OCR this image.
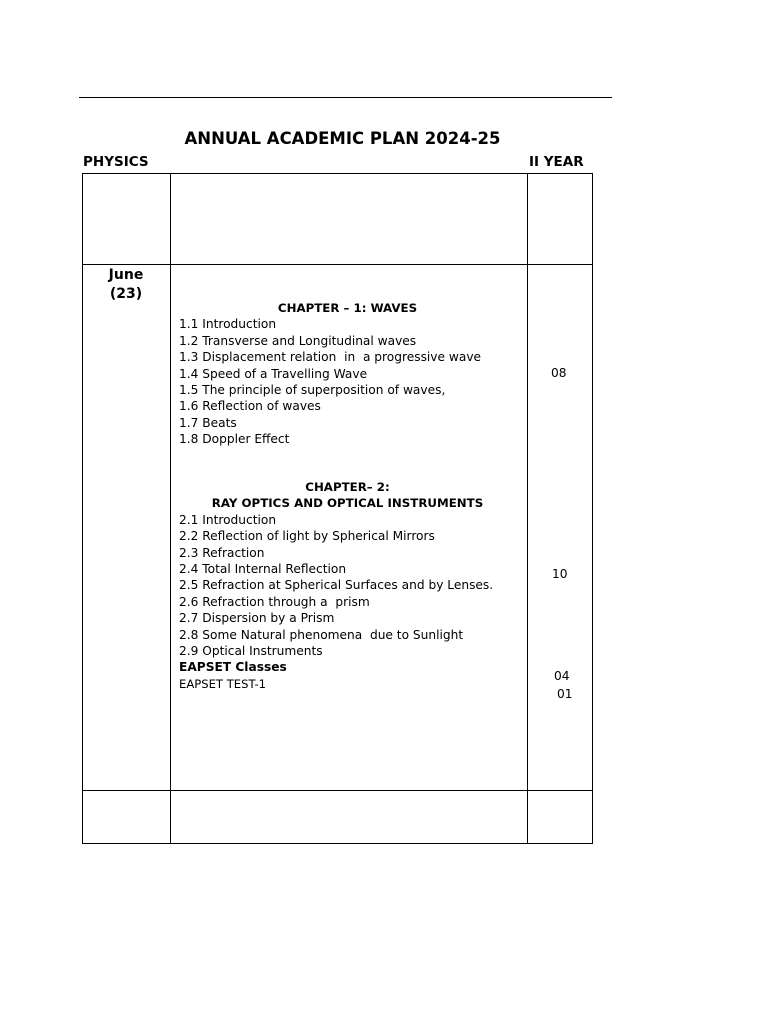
ANNUAL ACADEMIC PLAN 2024-25
PHYSICS	II YEAR
June
(23)
CHAPTER – 1: WAVES
1.1 Introduction
1.2 Transverse and Longitudinal waves
1.3 Displacement relation  in  a progressive wave
1.4 Speed of a Travelling Wave
1.5 The principle of superposition of waves,
1.6 Reflection of waves
1.7 Beats
1.8 Doppler Effect
08
CHAPTER– 2:
RAY OPTICS AND OPTICAL INSTRUMENTS
2.1 Introduction
2.2 Reflection of light by Spherical Mirrors
2.3 Refraction
2.4 Total Internal Reflection
2.5 Refraction at Spherical Surfaces and by Lenses.
2.6 Refraction through a  prism
2.7 Dispersion by a Prism
2.8 Some Natural phenomena  due to Sunlight
2.9 Optical Instruments
EAPSET Classes
EAPSET TEST-1
10
04
01
